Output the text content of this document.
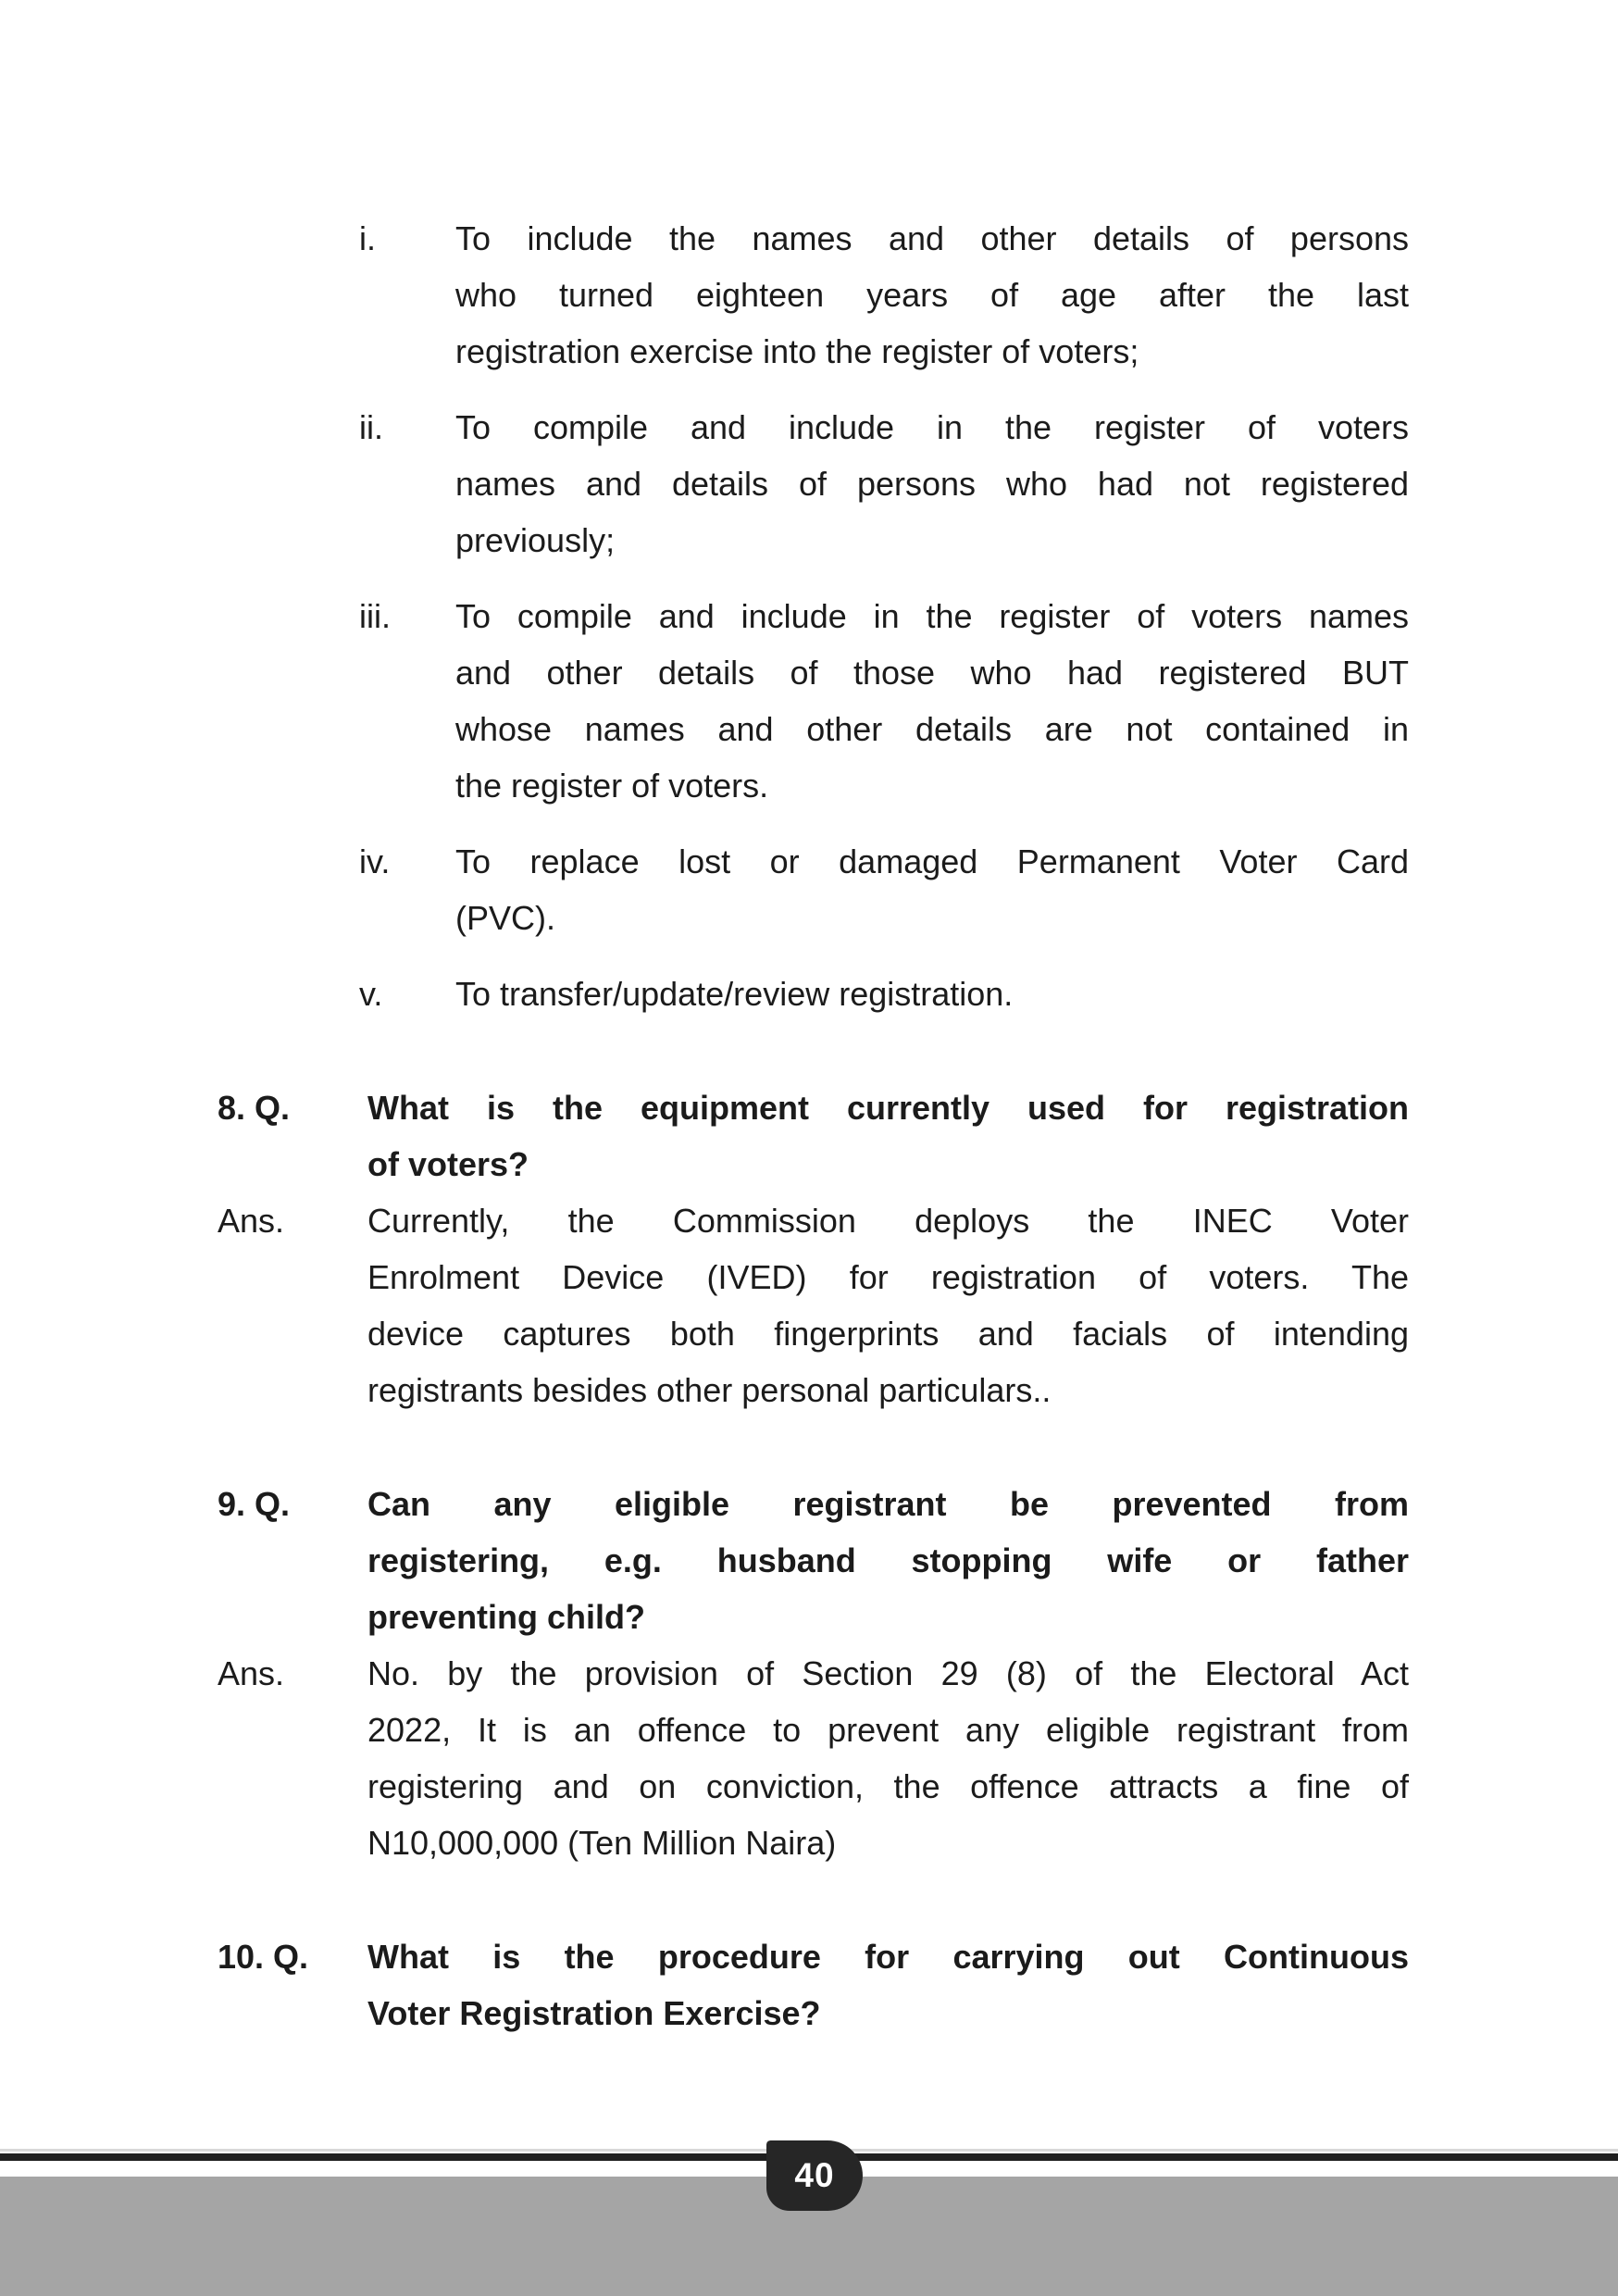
i.	To include the names and other details of persons
who turned eighteen years of age after the last
registration exercise into the register of voters;
ii.	To compile and include in the register of voters
names and details of persons who had not registered
previously;
iii.	To compile and include in the register of voters names
and other details of those who had registered BUT
whose names and other details are not contained in
the register of voters.
iv.	To replace lost or damaged Permanent Voter Card
(PVC).
v.	To transfer/update/review registration.
8. Q.	What is the equipment currently used for registration
of voters?
Ans.	Currently, the Commission deploys the INEC Voter
Enrolment Device (IVED) for registration of voters. The
device captures both fingerprints and facials of intending
registrants besides other personal particulars..
9. Q.	Can any eligible registrant be prevented from
registering, e.g. husband stopping wife or father
preventing child?
Ans.	No. by the provision of Section 29 (8) of the Electoral Act
2022, It is an offence to prevent any eligible registrant from
registering and on conviction, the offence attracts a fine of
N10,000,000 (Ten Million Naira)
10. Q.	What is the procedure for carrying out Continuous
Voter Registration Exercise?
40
